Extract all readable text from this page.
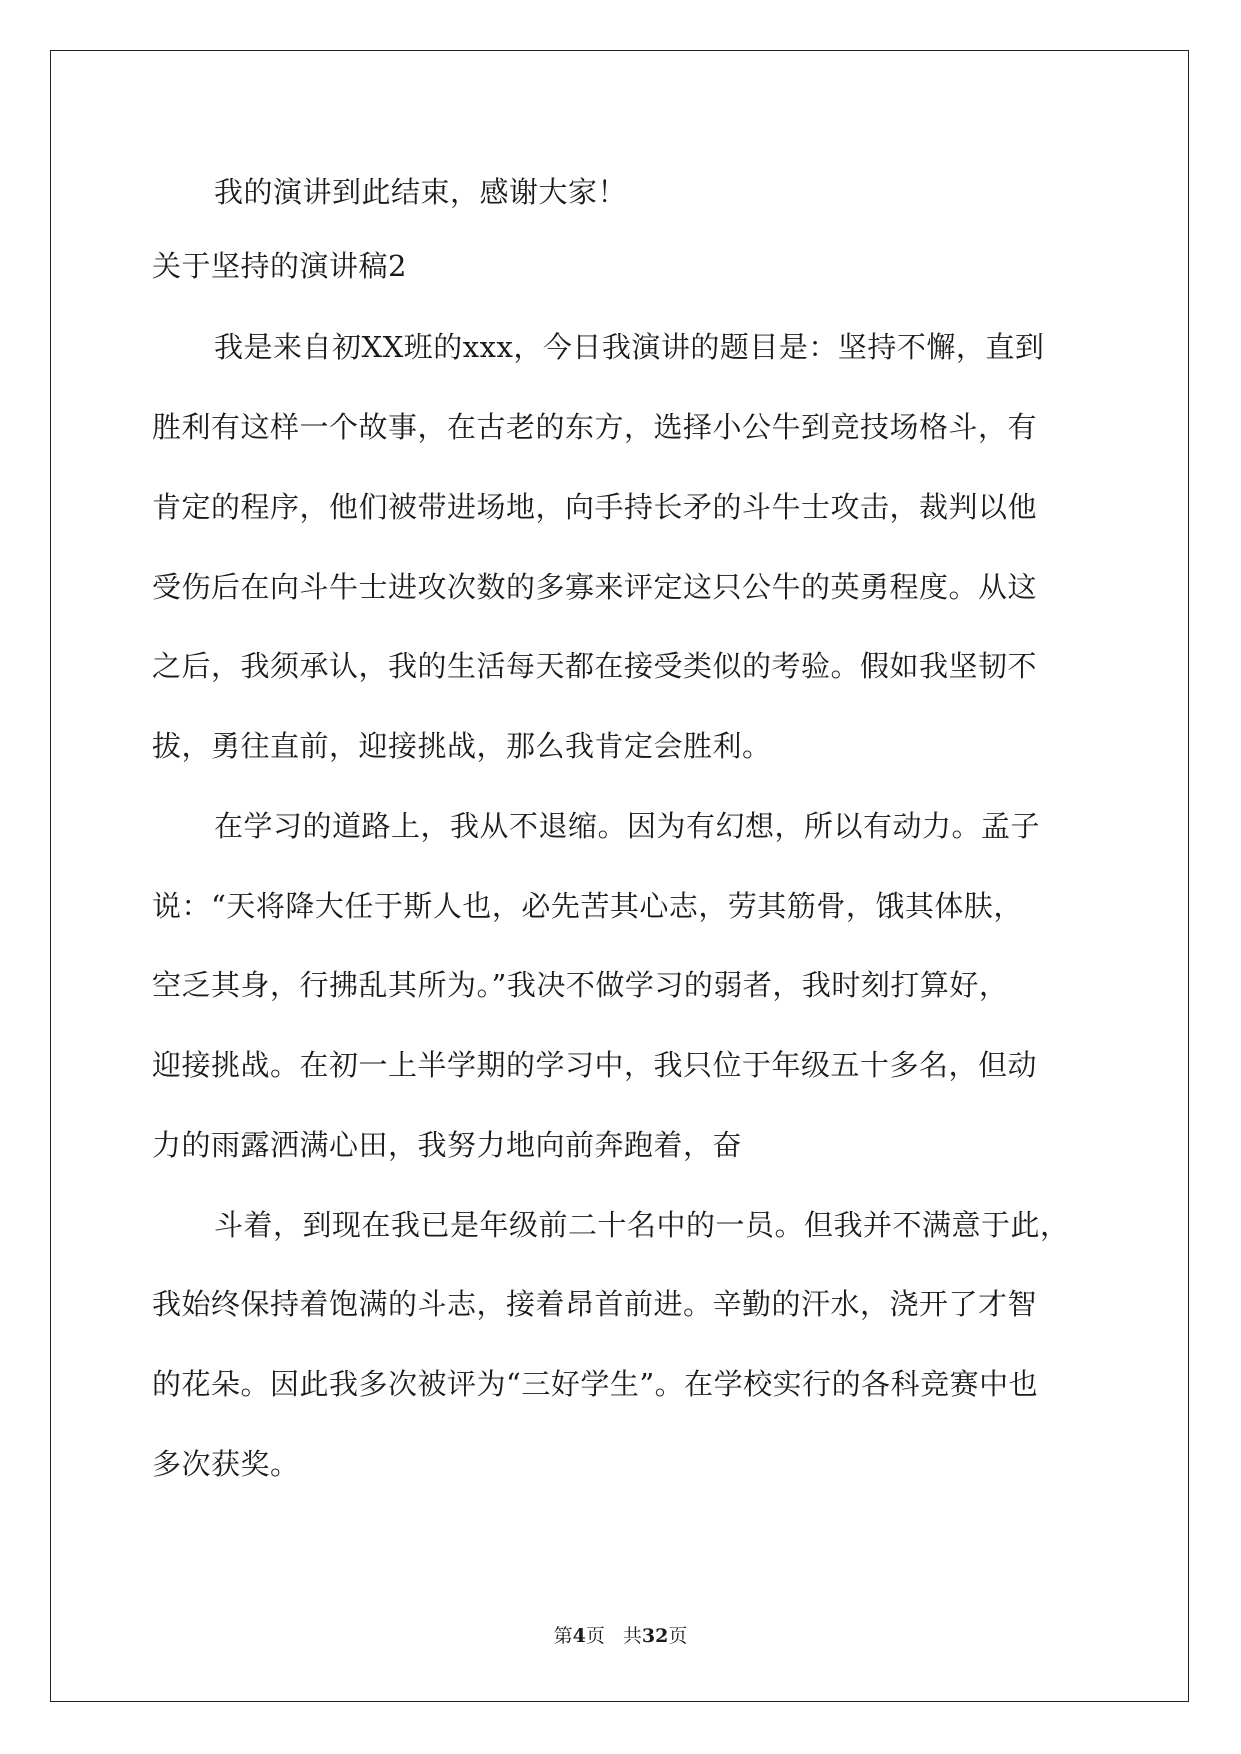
我的演讲到此结束，感谢大家！
关于坚持的演讲稿2
我是来自初XX班的xxx，今日我演讲的题目是：坚持不懈，直到
胜利有这样一个故事，在古老的东方，选择小公牛到竞技场格斗，有
肯定的程序，他们被带进场地，向手持长矛的斗牛士攻击，裁判以他
受伤后在向斗牛士进攻次数的多寡来评定这只公牛的英勇程度。从这
之后，我须承认，我的生活每天都在接受类似的考验。假如我坚韧不
拔，勇往直前，迎接挑战，那么我肯定会胜利。
在学习的道路上，我从不退缩。因为有幻想，所以有动力。孟子
说：“天将降大任于斯人也，必先苦其心志，劳其筋骨，饿其体肤，
空乏其身，行拂乱其所为。”我决不做学习的弱者，我时刻打算好，
迎接挑战。在初一上半学期的学习中，我只位于年级五十多名，但动
力的雨露洒满心田，我努力地向前奔跑着，奋
斗着，到现在我已是年级前二十名中的一员。但我并不满意于此，
我始终保持着饱满的斗志，接着昂首前进。辛勤的汗水，浇开了才智
的花朵。因此我多次被评为“三好学生”。在学校实行的各科竞赛中也
多次获奖。
第4页 共32页
